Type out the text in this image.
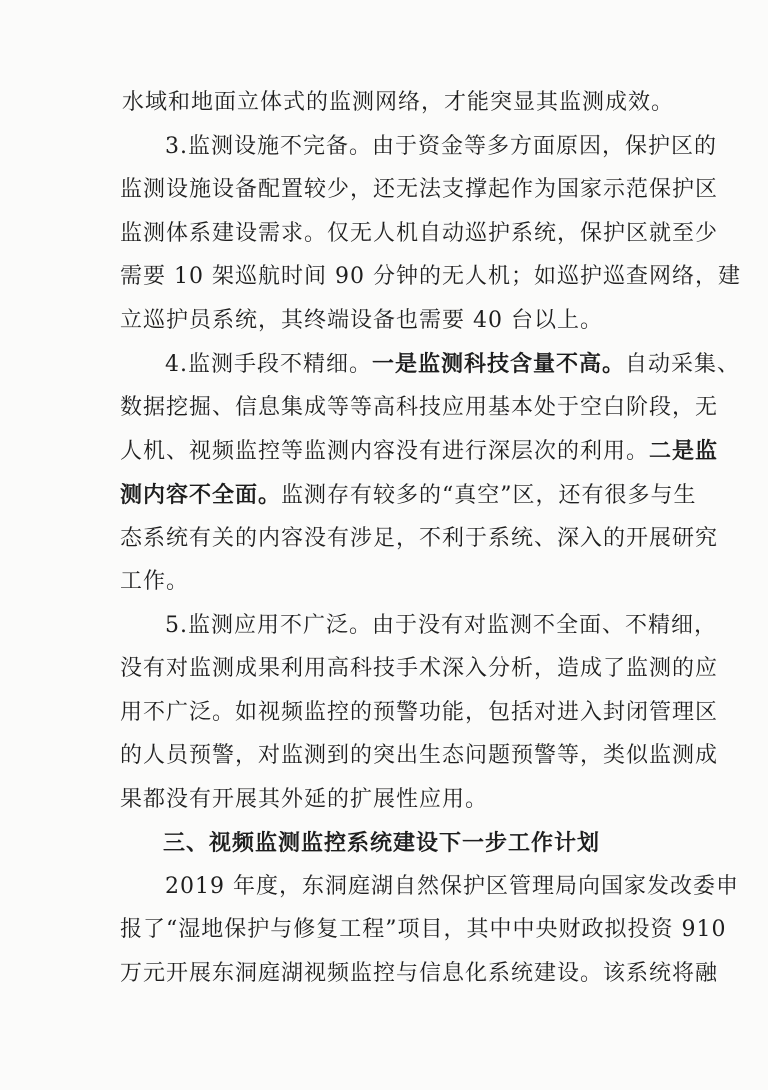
水域和地面立体式的监测网络，才能突显其监测成效。
3.监测设施不完备。由于资金等多方面原因，保护区的
监测设施设备配置较少，还无法支撑起作为国家示范保护区
监测体系建设需求。仅无人机自动巡护系统，保护区就至少
需要 10 架巡航时间 90 分钟的无人机；如巡护巡查网络，建
立巡护员系统，其终端设备也需要 40 台以上。
4.监测手段不精细。一是监测科技含量不高。自动采集、
数据挖掘、信息集成等等高科技应用基本处于空白阶段，无
人机、视频监控等监测内容没有进行深层次的利用。二是监
测内容不全面。监测存有较多的“真空”区，还有很多与生
态系统有关的内容没有涉足，不利于系统、深入的开展研究
工作。
5.监测应用不广泛。由于没有对监测不全面、不精细，
没有对监测成果利用高科技手术深入分析，造成了监测的应
用不广泛。如视频监控的预警功能，包括对进入封闭管理区
的人员预警，对监测到的突出生态问题预警等，类似监测成
果都没有开展其外延的扩展性应用。
三、视频监测监控系统建设下一步工作计划
2019 年度，东洞庭湖自然保护区管理局向国家发改委申
报了“湿地保护与修复工程”项目，其中中央财政拟投资 910
万元开展东洞庭湖视频监控与信息化系统建设。该系统将融
